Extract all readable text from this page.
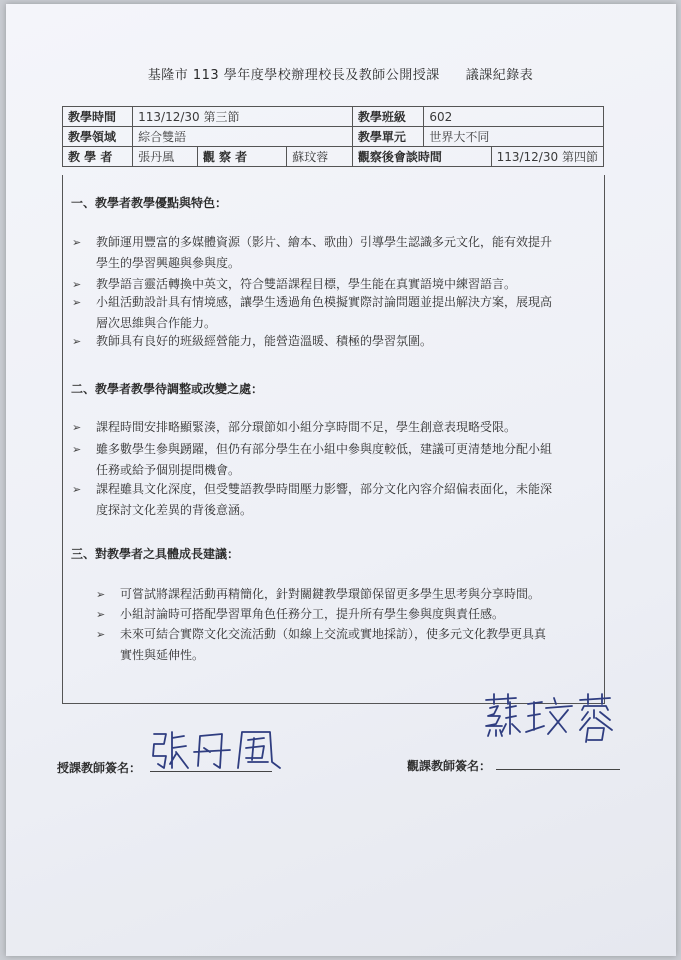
基隆市 113 學年度學校辦理校長及教師公開授課 議課紀錄表
教學時間	113/12/30 第三節			教學班級	602	
教學領域	綜合雙語			教學單元	世界大不同	
教 學 者	張丹風	觀 察 者	蘇玟蓉	觀察後會談時間		113/12/30 第四節
一、教學者教學優點與特色：
➢ 教師運用豐富的多媒體資源（影片、繪本、歌曲）引導學生認識多元文化，能有效提升
學生的學習興趣與參與度。
➢ 教學語言靈活轉換中英文，符合雙語課程目標，學生能在真實語境中練習語言。
➢ 小組活動設計具有情境感，讓學生透過角色模擬實際討論問題並提出解決方案，展現高
層次思維與合作能力。
➢ 教師具有良好的班級經營能力，能營造溫暖、積極的學習氛圍。
二、教學者教學待調整或改變之處：
➢ 課程時間安排略顯緊湊，部分環節如小組分享時間不足，學生創意表現略受限。
➢ 雖多數學生參與踴躍，但仍有部分學生在小組中參與度較低，建議可更清楚地分配小組
任務或給予個別提問機會。
➢ 課程雖具文化深度，但受雙語教學時間壓力影響，部分文化內容介紹偏表面化，未能深
度探討文化差異的背後意涵。
三、對教學者之具體成長建議：
➢ 可嘗試將課程活動再精簡化，針對關鍵教學環節保留更多學生思考與分享時間。
➢ 小組討論時可搭配學習單角色任務分工，提升所有學生參與度與責任感。
➢ 未來可結合實際文化交流活動（如線上交流或實地採訪），使多元文化教學更具真
實性與延伸性。
授課教師簽名：	觀課教師簽名：
